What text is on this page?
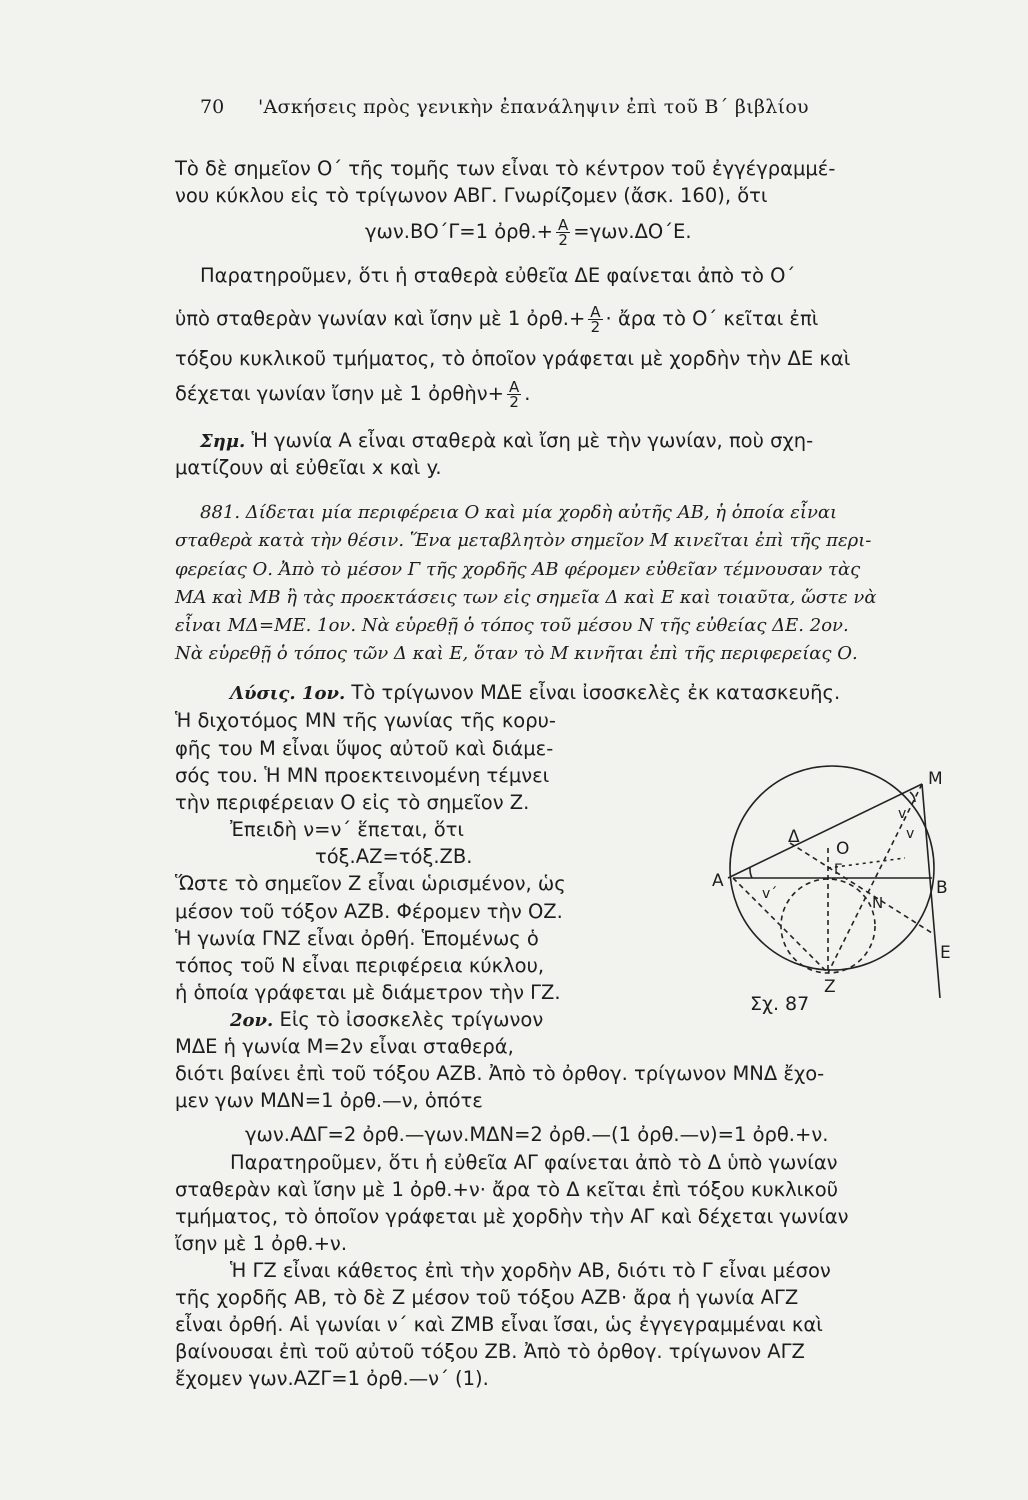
70 'Ασκήσεις πρὸς γενικὴν ἐπανάληψιν ἐπὶ τοῦ Β΄ βιβλίου
Τὸ δὲ σημεῖον Ο΄ τῆς τομῆς των εἶναι τὸ κέντρον τοῦ ἐγγέγραμμέ-
νου κύκλου εἰς τὸ τρίγωνον ΑΒΓ. Γνωρίζομεν (ἄσκ. 160), ὅτι
γων.ΒΟ΄Γ=1 ὀρθ.+ $\frac{A}{2} =\gamma\omega\nu.\Delta O΄E$.
Παρατηροῦμεν, ὅτι ἡ σταθερὰ εὐθεῖα ΔΕ φαίνεται ἀπὸ τὸ Ο΄
ὑπὸ σταθερὰν γωνίαν καὶ ἴσην μὲ 1 ὀρθ.+ $\frac{A}{2}$ · ἄρα τὸ Ο΄ κεῖται ἐπὶ
τόξου κυκλικοῦ τμήματος, τὸ ὁποῖον γράφεται μὲ χορδὴν τὴν ΔΕ καὶ
δέχεται γωνίαν ἴσην μὲ 1 ὀρθὴν+ $\frac{A}{2}$ .
Σημ. Ἡ γωνία Α εἶναι σταθερὰ καὶ ἴση μὲ τὴν γωνίαν, ποὺ σχη-
ματίζουν αἱ εὐθεῖαι x καὶ y.
881. Δίδεται μία περιφέρεια Ο καὶ μία χορδὴ αὐτῆς ΑΒ, ἡ ὁποία εἶναι
σταθερὰ κατὰ τὴν θέσιν. Ἕνα μεταβλητὸν σημεῖον Μ κινεῖται ἐπὶ τῆς περι-
φερείας Ο. Ἀπὸ τὸ μέσον Γ τῆς χορδῆς ΑΒ φέρομεν εὐθεῖαν τέμνουσαν τὰς
ΜΑ καὶ ΜΒ ἢ τὰς προεκτάσεις των εἰς σημεῖα Δ καὶ Ε καὶ τοιαῦτα, ὥστε νὰ
εἶναι ΜΔ=ΜΕ. 1ον. Νὰ εὑρεθῇ ὁ τόπος τοῦ μέσου Ν τῆς εὐθείας ΔΕ. 2ον.
Νὰ εὑρεθῇ ὁ τόπος τῶν Δ καὶ Ε, ὅταν τὸ Μ κινῆται ἐπὶ τῆς περιφερείας Ο.
Λύσις. 1ον. Τὸ τρίγωνον ΜΔΕ εἶναι ἰσοσκελὲς ἐκ κατασκευῆς.
Ἡ διχοτόμος ΜΝ τῆς γωνίας τῆς κορυ-
φῆς του Μ εἶναι ὕψος αὐτοῦ καὶ διάμε-
σός του. Ἡ ΜΝ προεκτεινομένη τέμνει
τὴν περιφέρειαν Ο εἰς τὸ σημεῖον Ζ.
Ἐπειδὴ ν=ν΄ ἕπεται, ὅτι
τόξ.ΑΖ=τόξ.ΖΒ.
Ὥστε τὸ σημεῖον Ζ εἶναι ὡρισμένον, ὡς
μέσον τοῦ τόξον ΑΖΒ. Φέρομεν τὴν ΟΖ.
Ἡ γωνία ΓΝΖ εἶναι ὀρθή. Ἑπομένως ὁ
τόπος τοῦ Ν εἶναι περιφέρεια κύκλου,
ἡ ὁποία γράφεται μὲ διάμετρον τὴν ΓΖ.
2ον. Εἰς τὸ ἰσοσκελὲς τρίγωνον
ΜΔΕ ἡ γωνία Μ=2ν εἶναι σταθερά,
διότι βαίνει ἐπὶ τοῦ τόξου ΑΖΒ. Ἀπὸ τὸ ὀρθογ. τρίγωνον ΜΝΔ ἔχο-
μεν γων ΜΔΝ=1 ὀρθ.—ν, ὁπότε
γων.ΑΔΓ=2 ὀρθ.—γων.ΜΔΝ=2 ὀρθ.—(1 ὀρθ.—ν)=1 ὀρθ.+ν.
Παρατηροῦμεν, ὅτι ἡ εὐθεῖα ΑΓ φαίνεται ἀπὸ τὸ Δ ὑπὸ γωνίαν
σταθερὰν καὶ ἴσην μὲ 1 ὀρθ.+ν· ἄρα τὸ Δ κεῖται ἐπὶ τόξου κυκλικοῦ
τμήματος, τὸ ὁποῖον γράφεται μὲ χορδὴν τὴν ΑΓ καὶ δέχεται γωνίαν
ἴσην μὲ 1 ὀρθ.+ν.
Ἡ ΓΖ εἶναι κάθετος ἐπὶ τὴν χορδὴν ΑΒ, διότι τὸ Γ εἶναι μέσον
τῆς χορδῆς ΑΒ, τὸ δὲ Ζ μέσον τοῦ τόξου ΑΖΒ· ἄρα ἡ γωνία ΑΓΖ
εἶναι ὀρθή. Αἱ γωνίαι ν΄ καὶ ΖΜΒ εἶναι ἴσαι, ὡς ἐγγεγραμμέναι καὶ
βαίνουσαι ἐπὶ τοῦ αὐτοῦ τόξου ΖΒ. Ἀπὸ τὸ ὀρθογ. τρίγωνον ΑΓΖ
ἔχομεν γων.ΑΖΓ=1 ὀρθ.—ν΄ (1).
M
A	B
Δ
O
Γ
N
Z
E
v
v
v΄
Σχ. 87
